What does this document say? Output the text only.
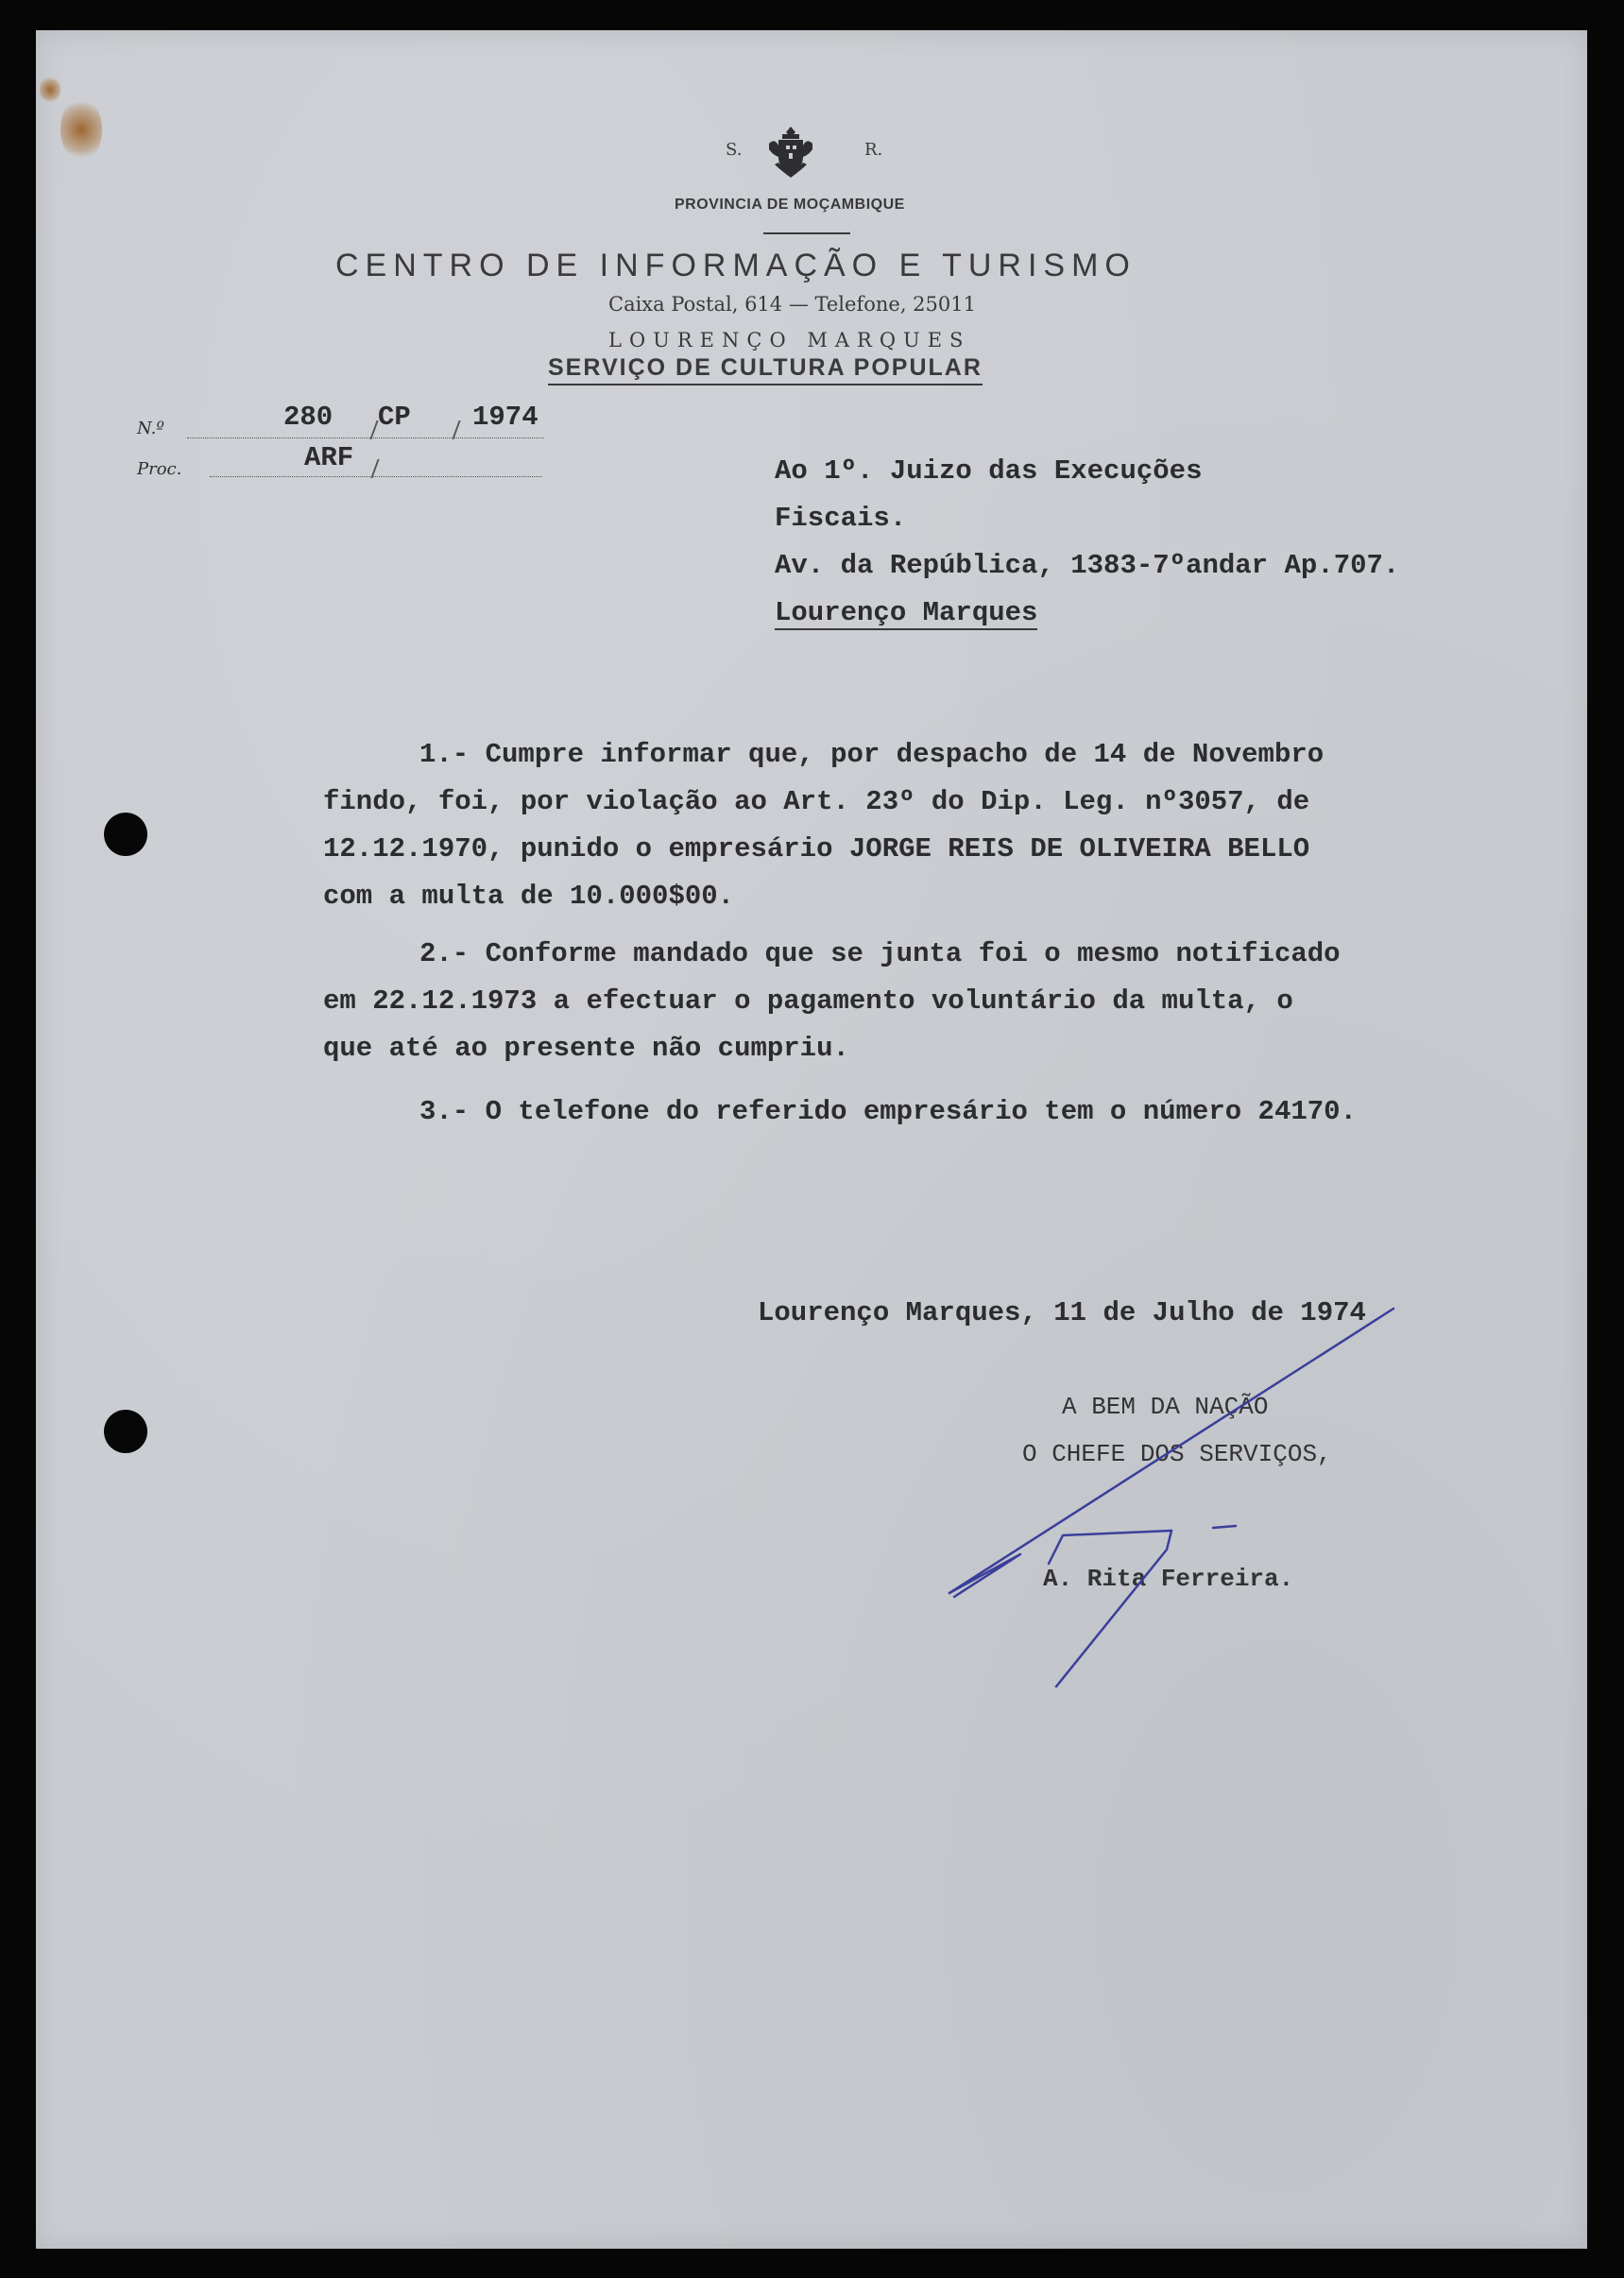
S.	R.
PROVINCIA DE MOÇAMBIQUE
CENTRO DE INFORMAÇÃO E TURISMO
Caixa Postal, 614 — Telefone, 25011
LOURENÇO MARQUES
SERVIÇO DE CULTURA POPULAR
N.º	280 CP 1974
Proc.	ARF	Ao 1º. Juizo das Execuções
Fiscais.
Av. da República, 1383-7ºandar Ap.707.
Lourenço Marques
1.- Cumpre informar que, por despacho de 14 de Novembro
findo, foi, por violação ao Art. 23º do Dip. Leg. nº3057, de
12.12.1970, punido o empresário JORGE REIS DE OLIVEIRA BELLO
com a multa de 10.000$00.
2.- Conforme mandado que se junta foi o mesmo notificado
em 22.12.1973 a efectuar o pagamento voluntário da multa, o
que até ao presente não cumpriu.
3.- O telefone do referido empresário tem o número 24170.
Lourenço Marques, 11 de Julho de 1974
A BEM DA NAÇÃO
O CHEFE DOS SERVIÇOS,
A. Rita Ferreira.
